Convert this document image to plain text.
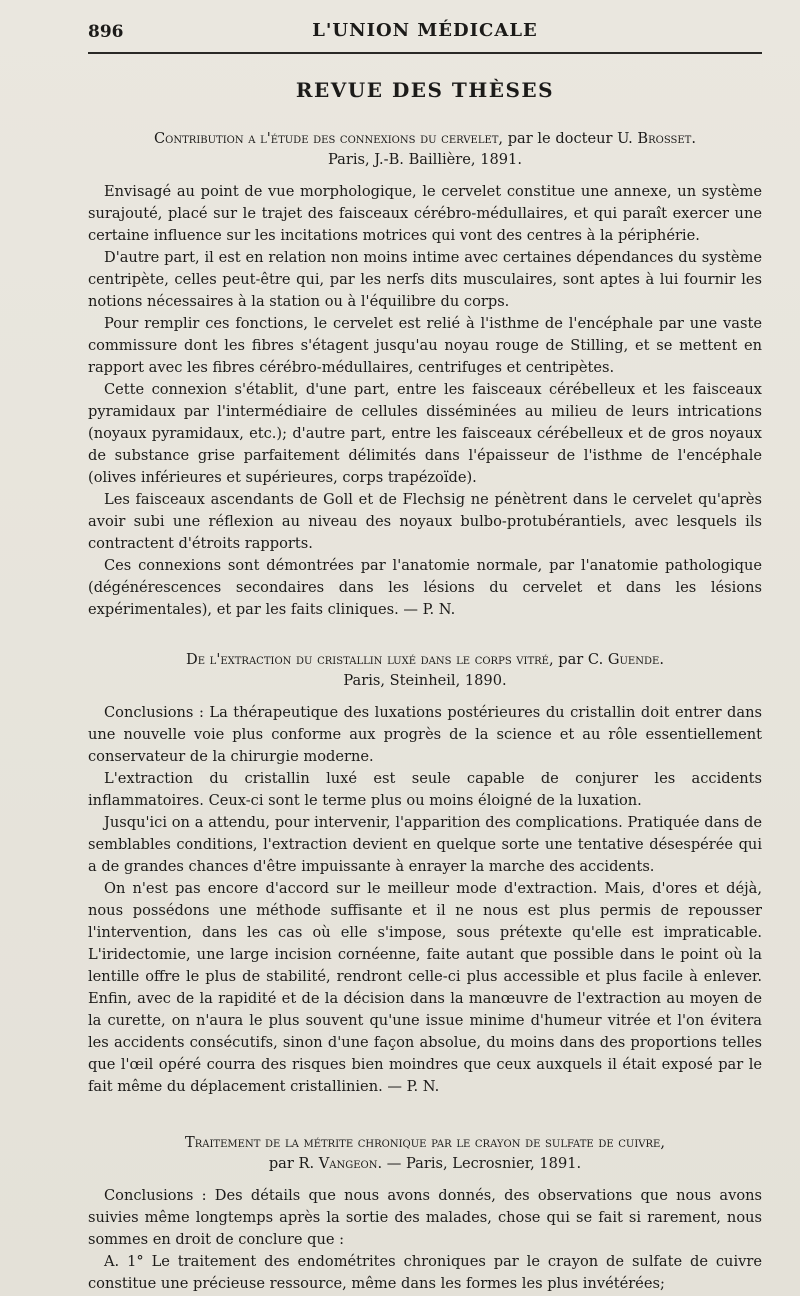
896	L'UNION MÉDICALE
REVUE DES THÈSES

Contribution a l'étude des connexions du cervelet, par le docteur U. Brosset.
Paris, J.-B. Baillière, 1891.

Envisagé au point de vue morphologique, le cervelet constitue une annexe, un système surajouté, placé sur le trajet des faisceaux cérébro-médullaires, et qui paraît exercer une certaine influence sur les incitations motrices qui vont des centres à la périphérie.

D'autre part, il est en relation non moins intime avec certaines dépendances du système centripète, celles peut-être qui, par les nerfs dits musculaires, sont aptes à lui fournir les notions nécessaires à la station ou à l'équilibre du corps.

Pour remplir ces fonctions, le cervelet est relié à l'isthme de l'encéphale par une vaste commissure dont les fibres s'étagent jusqu'au noyau rouge de Stilling, et se mettent en rapport avec les fibres cérébro-médullaires, centrifuges et centripètes.

Cette connexion s'établit, d'une part, entre les faisceaux cérébelleux et les faisceaux pyramidaux par l'intermédiaire de cellules disséminées au milieu de leurs intrications (noyaux pyramidaux, etc.); d'autre part, entre les faisceaux cérébelleux et de gros noyaux de substance grise parfaitement délimités dans l'épaisseur de l'isthme de l'encéphale (olives inférieures et supérieures, corps trapézoïde).

Les faisceaux ascendants de Goll et de Flechsig ne pénètrent dans le cervelet qu'après avoir subi une réflexion au niveau des noyaux bulbo-protubérantiels, avec lesquels ils contractent d'étroits rapports.

Ces connexions sont démontrées par l'anatomie normale, par l'anatomie pathologique (dégénérescences secondaires dans les lésions du cervelet et dans les lésions expérimentales), et par les faits cliniques. — P. N.

De l'extraction du cristallin luxé dans le corps vitré, par C. Guende.
Paris, Steinheil, 1890.

Conclusions : La thérapeutique des luxations postérieures du cristallin doit entrer dans une nouvelle voie plus conforme aux progrès de la science et au rôle essentiellement conservateur de la chirurgie moderne.

L'extraction du cristallin luxé est seule capable de conjurer les accidents inflammatoires. Ceux-ci sont le terme plus ou moins éloigné de la luxation.

Jusqu'ici on a attendu, pour intervenir, l'apparition des complications. Pratiquée dans de semblables conditions, l'extraction devient en quelque sorte une tentative désespérée qui a de grandes chances d'être impuissante à enrayer la marche des accidents.

On n'est pas encore d'accord sur le meilleur mode d'extraction. Mais, d'ores et déjà, nous possédons une méthode suffisante et il ne nous est plus permis de repousser l'intervention, dans les cas où elle s'impose, sous prétexte qu'elle est impraticable. L'iridectomie, une large incision cornéenne, faite autant que possible dans le point où la lentille offre le plus de stabilité, rendront celle-ci plus accessible et plus facile à enlever. Enfin, avec de la rapidité et de la décision dans la manœuvre de l'extraction au moyen de la curette, on n'aura le plus souvent qu'une issue minime d'humeur vitrée et l'on évitera les accidents consécutifs, sinon d'une façon absolue, du moins dans des proportions telles que l'œil opéré courra des risques bien moindres que ceux auxquels il était exposé par le fait même du déplacement cristallinien. — P. N.

Traitement de la métrite chronique par le crayon de sulfate de cuivre,
par R. Vangeon. — Paris, Lecrosnier, 1891.

Conclusions : Des détails que nous avons donnés, des observations que nous avons suivies même longtemps après la sortie des malades, chose qui se fait si rarement, nous sommes en droit de conclure que :

A. 1° Le traitement des endométrites chroniques par le crayon de sulfate de cuivre constitue une précieuse ressource, même dans les formes les plus invétérées;
